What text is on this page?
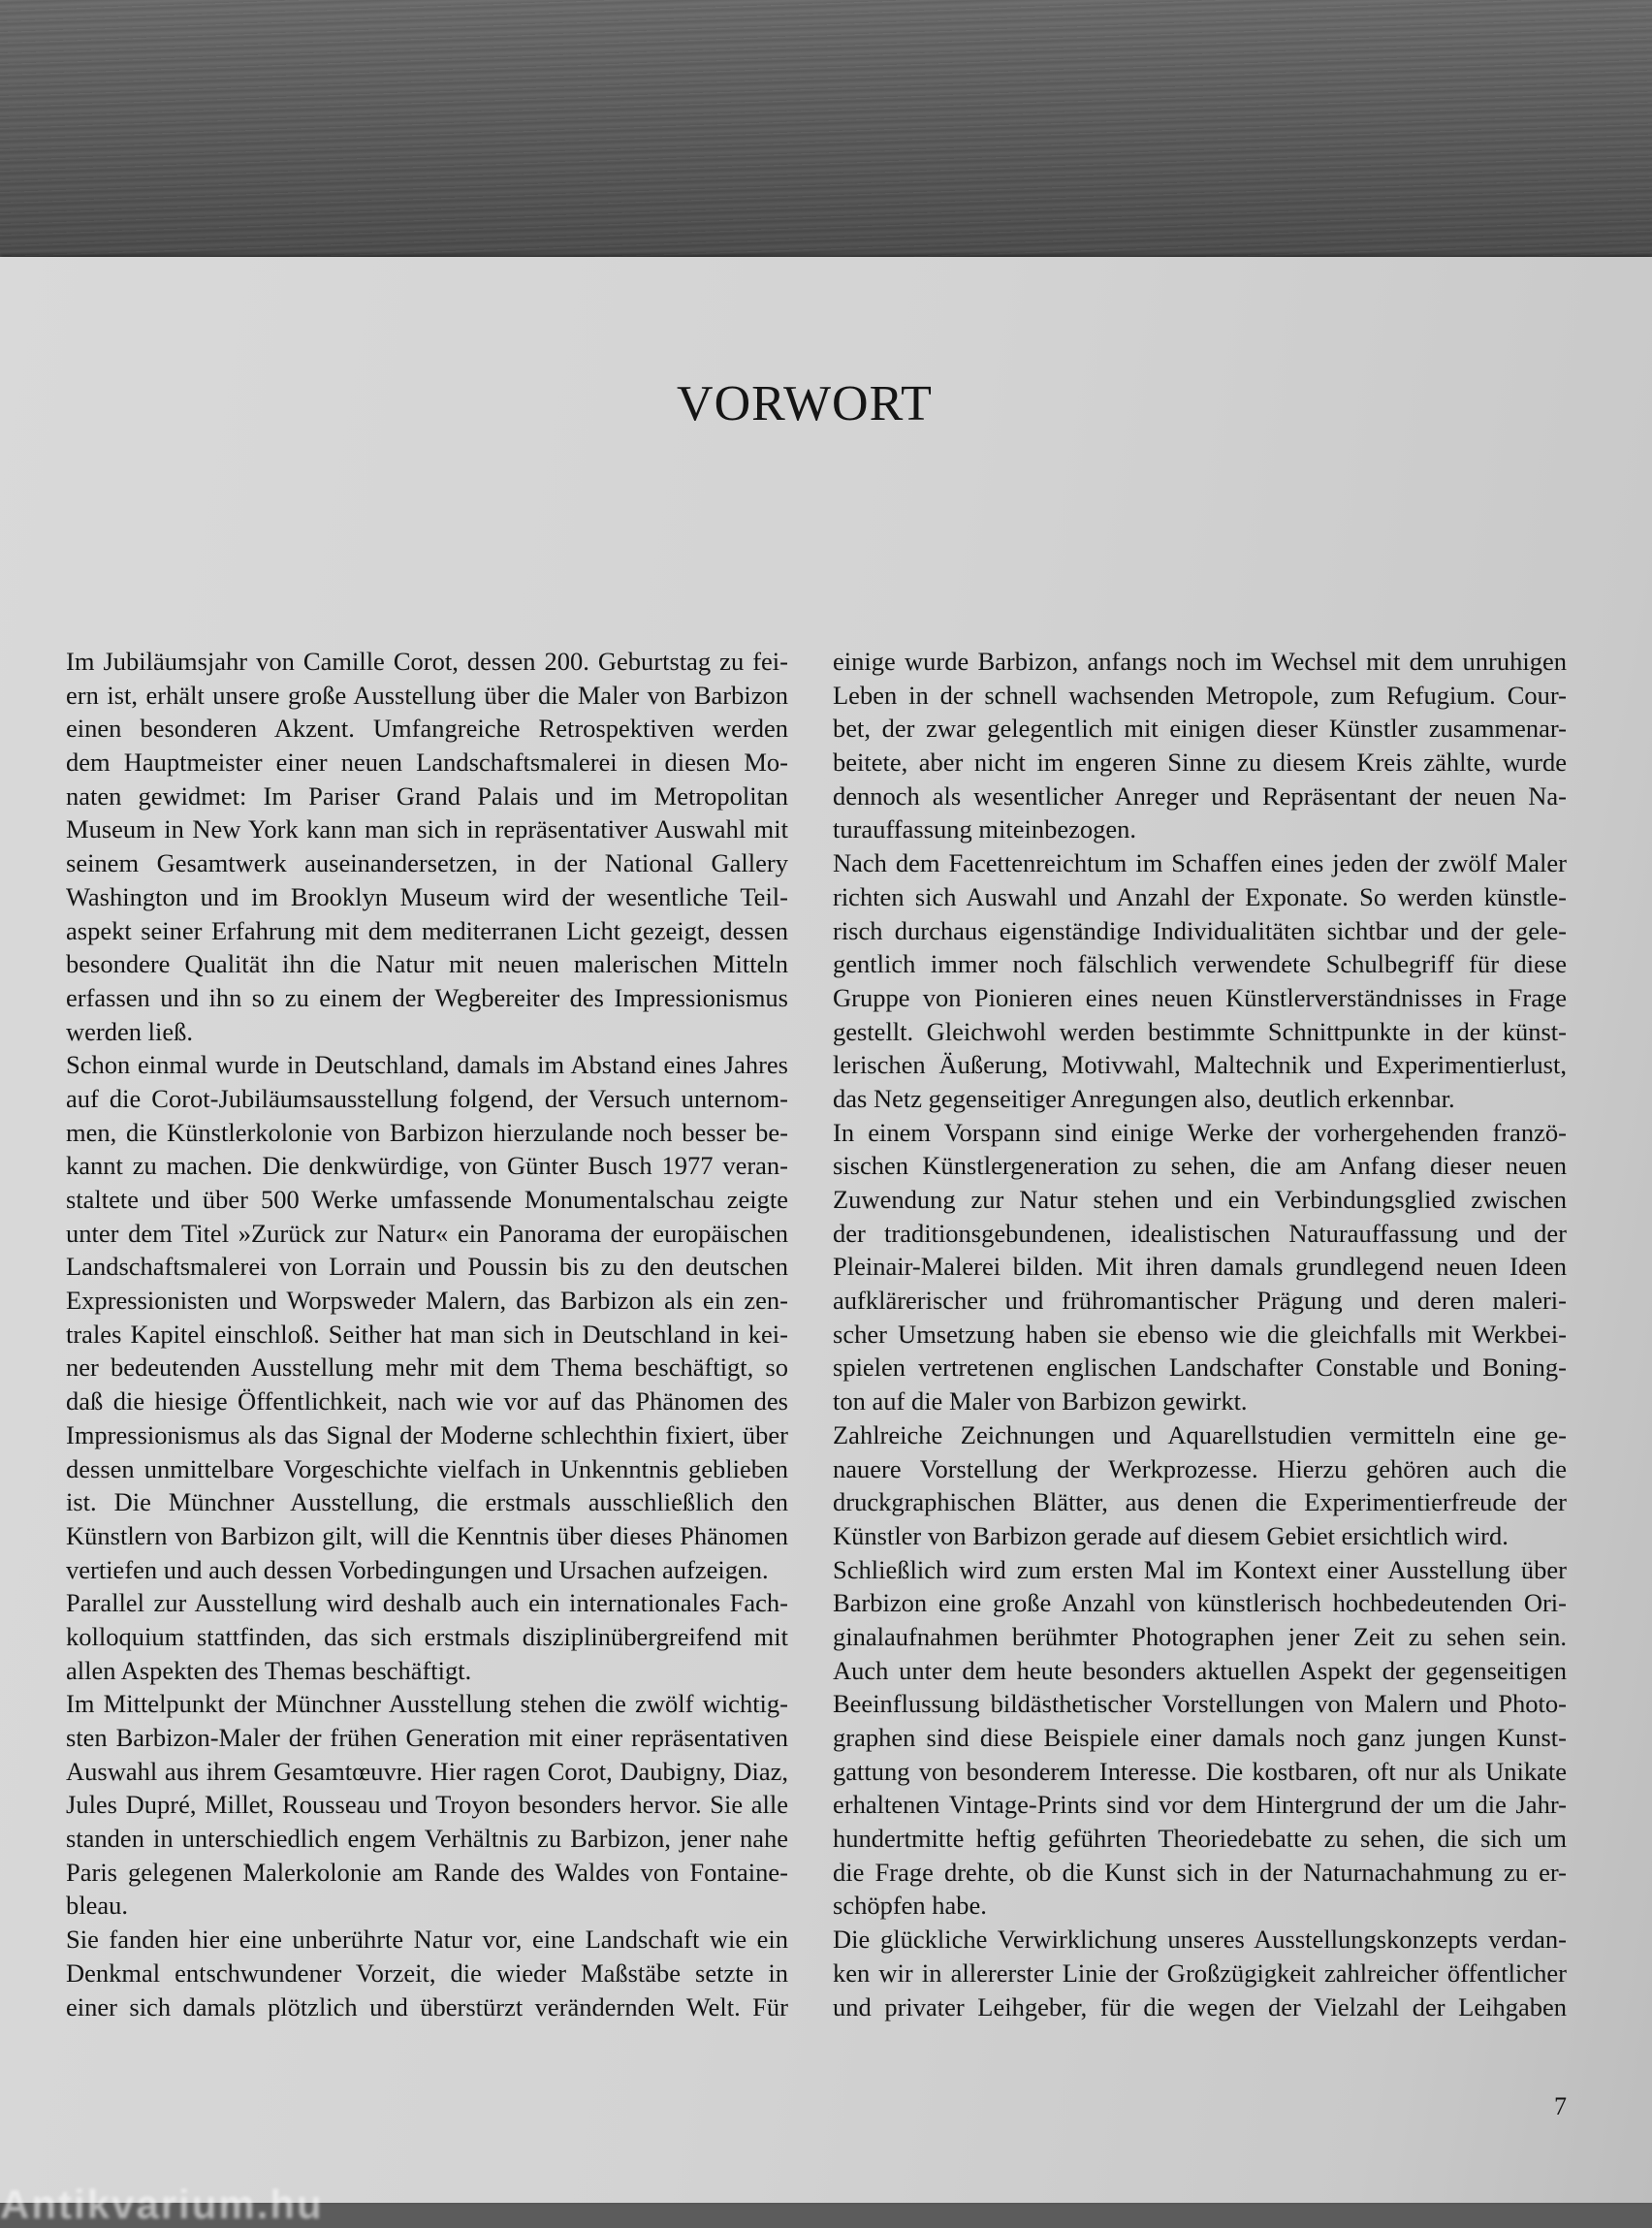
VORWORT
Im Jubiläumsjahr von Camille Corot, dessen 200. Geburtstag zu fei-
ern ist, erhält unsere große Ausstellung über die Maler von Barbizon
einen besonderen Akzent. Umfangreiche Retrospektiven werden
dem Hauptmeister einer neuen Landschaftsmalerei in diesen Mo-
naten gewidmet: Im Pariser Grand Palais und im Metropolitan
Museum in New York kann man sich in repräsentativer Auswahl mit
seinem Gesamtwerk auseinandersetzen, in der National Gallery
Washington und im Brooklyn Museum wird der wesentliche Teil-
aspekt seiner Erfahrung mit dem mediterranen Licht gezeigt, dessen
besondere Qualität ihn die Natur mit neuen malerischen Mitteln
erfassen und ihn so zu einem der Wegbereiter des Impressionismus
werden ließ.
Schon einmal wurde in Deutschland, damals im Abstand eines Jahres
auf die Corot-Jubiläumsausstellung folgend, der Versuch unternom-
men, die Künstlerkolonie von Barbizon hierzulande noch besser be-
kannt zu machen. Die denkwürdige, von Günter Busch 1977 veran-
staltete und über 500 Werke umfassende Monumentalschau zeigte
unter dem Titel »Zurück zur Natur« ein Panorama der europäischen
Landschaftsmalerei von Lorrain und Poussin bis zu den deutschen
Expressionisten und Worpsweder Malern, das Barbizon als ein zen-
trales Kapitel einschloß. Seither hat man sich in Deutschland in kei-
ner bedeutenden Ausstellung mehr mit dem Thema beschäftigt, so
daß die hiesige Öffentlichkeit, nach wie vor auf das Phänomen des
Impressionismus als das Signal der Moderne schlechthin fixiert, über
dessen unmittelbare Vorgeschichte vielfach in Unkenntnis geblieben
ist. Die Münchner Ausstellung, die erstmals ausschließlich den
Künstlern von Barbizon gilt, will die Kenntnis über dieses Phänomen
vertiefen und auch dessen Vorbedingungen und Ursachen aufzeigen.
Parallel zur Ausstellung wird deshalb auch ein internationales Fach-
kolloquium stattfinden, das sich erstmals disziplinübergreifend mit
allen Aspekten des Themas beschäftigt.
Im Mittelpunkt der Münchner Ausstellung stehen die zwölf wichtig-
sten Barbizon-Maler der frühen Generation mit einer repräsentativen
Auswahl aus ihrem Gesamtœuvre. Hier ragen Corot, Daubigny, Diaz,
Jules Dupré, Millet, Rousseau und Troyon besonders hervor. Sie alle
standen in unterschiedlich engem Verhältnis zu Barbizon, jener nahe
Paris gelegenen Malerkolonie am Rande des Waldes von Fontaine-
bleau.
Sie fanden hier eine unberührte Natur vor, eine Landschaft wie ein
Denkmal entschwundener Vorzeit, die wieder Maßstäbe setzte in
einer sich damals plötzlich und überstürzt verändernden Welt. Für
einige wurde Barbizon, anfangs noch im Wechsel mit dem unruhigen
Leben in der schnell wachsenden Metropole, zum Refugium. Cour-
bet, der zwar gelegentlich mit einigen dieser Künstler zusammenar-
beitete, aber nicht im engeren Sinne zu diesem Kreis zählte, wurde
dennoch als wesentlicher Anreger und Repräsentant der neuen Na-
turauffassung miteinbezogen.
Nach dem Facettenreichtum im Schaffen eines jeden der zwölf Maler
richten sich Auswahl und Anzahl der Exponate. So werden künstle-
risch durchaus eigenständige Individualitäten sichtbar und der gele-
gentlich immer noch fälschlich verwendete Schulbegriff für diese
Gruppe von Pionieren eines neuen Künstlerverständnisses in Frage
gestellt. Gleichwohl werden bestimmte Schnittpunkte in der künst-
lerischen Äußerung, Motivwahl, Maltechnik und Experimentierlust,
das Netz gegenseitiger Anregungen also, deutlich erkennbar.
In einem Vorspann sind einige Werke der vorhergehenden franzö-
sischen Künstlergeneration zu sehen, die am Anfang dieser neuen
Zuwendung zur Natur stehen und ein Verbindungsglied zwischen
der traditionsgebundenen, idealistischen Naturauffassung und der
Pleinair-Malerei bilden. Mit ihren damals grundlegend neuen Ideen
aufklärerischer und frühromantischer Prägung und deren maleri-
scher Umsetzung haben sie ebenso wie die gleichfalls mit Werkbei-
spielen vertretenen englischen Landschafter Constable und Boning-
ton auf die Maler von Barbizon gewirkt.
Zahlreiche Zeichnungen und Aquarellstudien vermitteln eine ge-
nauere Vorstellung der Werkprozesse. Hierzu gehören auch die
druckgraphischen Blätter, aus denen die Experimentierfreude der
Künstler von Barbizon gerade auf diesem Gebiet ersichtlich wird.
Schließlich wird zum ersten Mal im Kontext einer Ausstellung über
Barbizon eine große Anzahl von künstlerisch hochbedeutenden Ori-
ginalaufnahmen berühmter Photographen jener Zeit zu sehen sein.
Auch unter dem heute besonders aktuellen Aspekt der gegenseitigen
Beeinflussung bildästhetischer Vorstellungen von Malern und Photo-
graphen sind diese Beispiele einer damals noch ganz jungen Kunst-
gattung von besonderem Interesse. Die kostbaren, oft nur als Unikate
erhaltenen Vintage-Prints sind vor dem Hintergrund der um die Jahr-
hundertmitte heftig geführten Theoriedebatte zu sehen, die sich um
die Frage drehte, ob die Kunst sich in der Naturnachahmung zu er-
schöpfen habe.
Die glückliche Verwirklichung unseres Ausstellungskonzepts verdan-
ken wir in allererster Linie der Großzügigkeit zahlreicher öffentlicher
und privater Leihgeber, für die wegen der Vielzahl der Leihgaben
7
Antikvarium.hu
